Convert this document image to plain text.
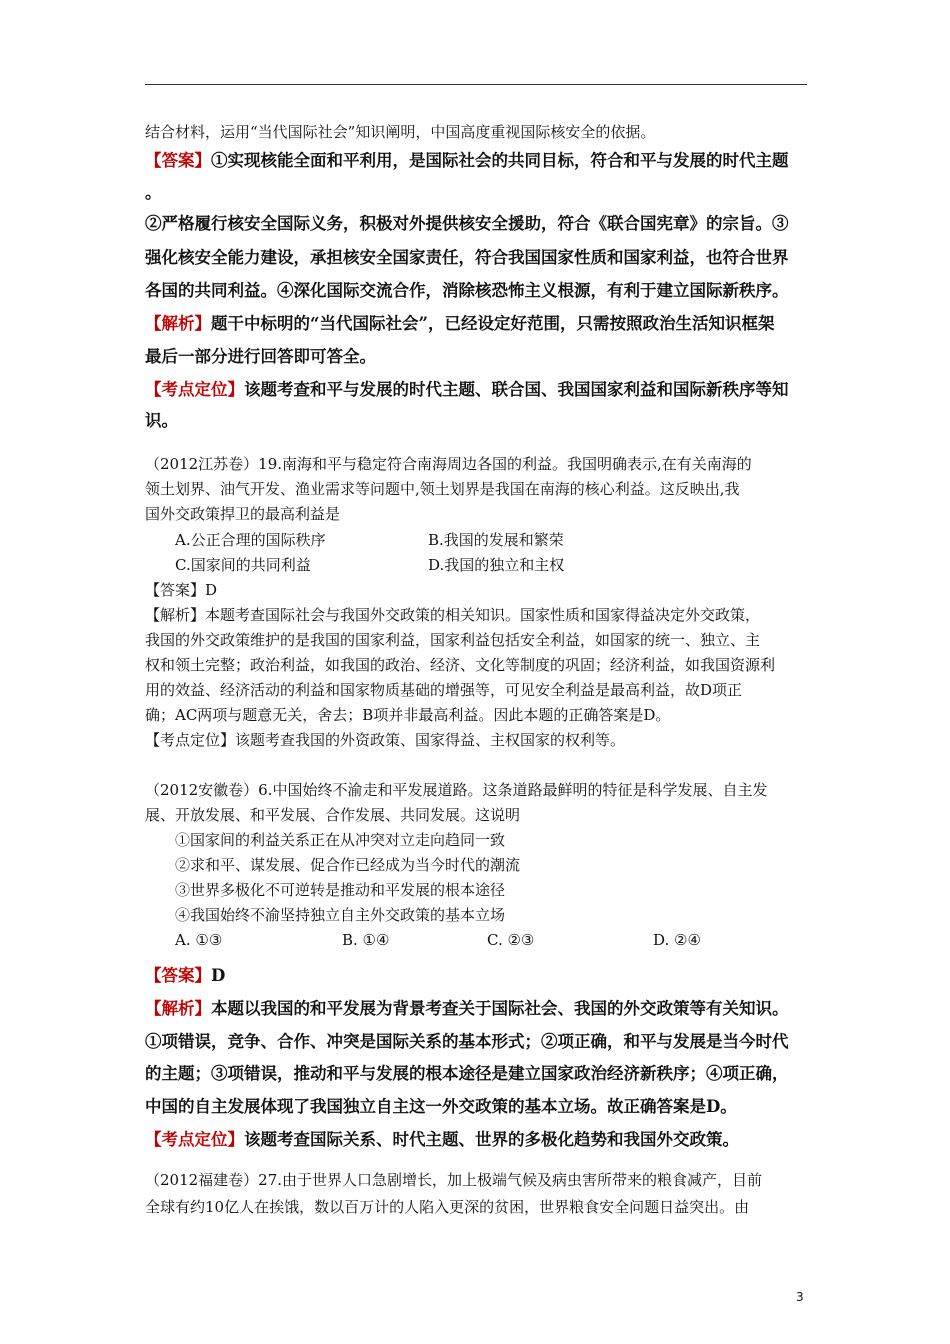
结合材料，运用“当代国际社会”知识阐明，中国高度重视国际核安全的依据。
【答案】①实现核能全面和平利用，是国际社会的共同目标，符合和平与发展的时代主题
。
②严格履行核安全国际义务，积极对外提供核安全援助，符合《联合国宪章》的宗旨。③
强化核安全能力建设，承担核安全国家责任，符合我国国家性质和国家利益，也符合世界
各国的共同利益。④深化国际交流合作，消除核恐怖主义根源，有利于建立国际新秩序。
【解析】题干中标明的“当代国际社会”，已经设定好范围，只需按照政治生活知识框架
最后一部分进行回答即可答全。
【考点定位】该题考查和平与发展的时代主题、联合国、我国国家利益和国际新秩序等知
识。
（2012江苏卷）19.南海和平与稳定符合南海周边各国的利益。我国明确表示,在有关南海的
领土划界、油气开发、渔业需求等问题中,领土划界是我国在南海的核心利益。这反映出,我
国外交政策捍卫的最高利益是
A.公正合理的国际秩序	B.我国的发展和繁荣
C.国家间的共同利益	D.我国的独立和主权
【答案】D
【解析】本题考查国际社会与我国外交政策的相关知识。国家性质和国家得益决定外交政策，
我国的外交政策维护的是我国的国家利益，国家利益包括安全利益，如国家的统一、独立、主
权和领土完整；政治利益，如我国的政治、经济、文化等制度的巩固；经济利益，如我国资源利
用的效益、经济活动的利益和国家物质基础的增强等，可见安全利益是最高利益，故D项正
确；AC两项与题意无关，舍去；B项并非最高利益。因此本题的正确答案是D。
【考点定位】该题考查我国的外资政策、国家得益、主权国家的权利等。
（2012安徽卷）6.中国始终不渝走和平发展道路。这条道路最鲜明的特征是科学发展、自主发
展、开放发展、和平发展、合作发展、共同发展。这说明
①国家间的利益关系正在从冲突对立走向趋同一致
②求和平、谋发展、促合作已经成为当今时代的潮流
③世界多极化不可逆转是推动和平发展的根本途径
④我国始终不渝坚持独立自主外交政策的基本立场
A. ①③	B. ①④	C. ②③	D. ②④
【答案】D
【解析】本题以我国的和平发展为背景考查关于国际社会、我国的外交政策等有关知识。
①项错误，竞争、合作、冲突是国际关系的基本形式；②项正确，和平与发展是当今时代
的主题；③项错误，推动和平与发展的根本途径是建立国家政治经济新秩序；④项正确，
中国的自主发展体现了我国独立自主这一外交政策的基本立场。故正确答案是D。
【考点定位】该题考查国际关系、时代主题、世界的多极化趋势和我国外交政策。
（2012福建卷）27.由于世界人口急剧增长，加上极端气候及病虫害所带来的粮食减产，目前
全球有约10亿人在挨饿，数以百万计的人陷入更深的贫困，世界粮食安全问题日益突出。由
3
